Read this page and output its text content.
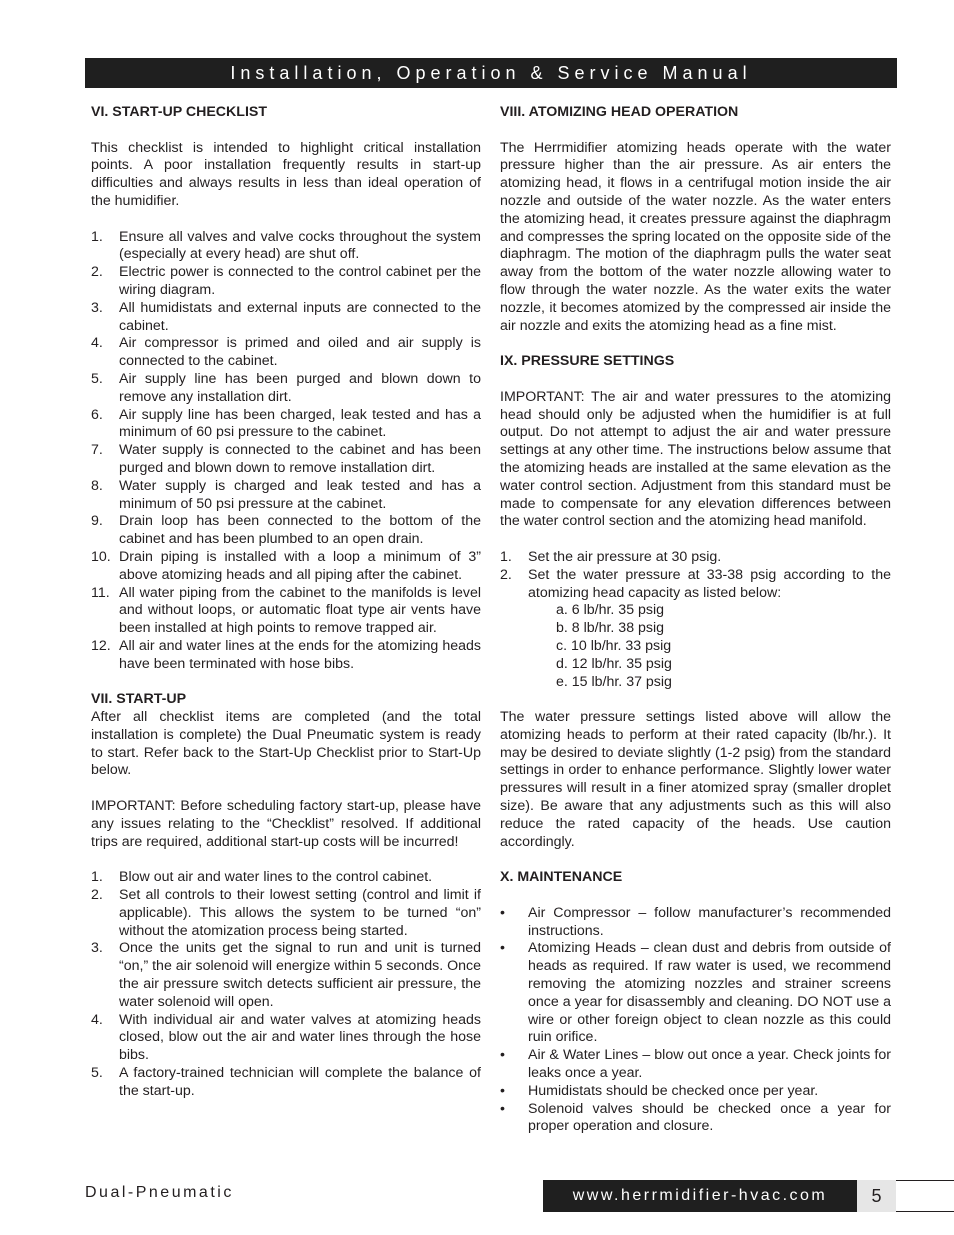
Installation, Operation & Service Manual

VI. START-UP CHECKLIST

This checklist is intended to highlight critical installation points. A poor installation frequently results in start-up difficulties and always results in less than ideal operation of the humidifier.

1.	Ensure all valves and valve cocks throughout the system (especially at every head) are shut off.
2.	Electric power is connected to the control cabinet per the wiring diagram.
3.	All humidistats and external inputs are connected to the cabinet.
4.	Air compressor is primed and oiled and air supply is connected to the cabinet.
5.	Air supply line has been purged and blown down to remove any installation dirt.
6.	Air supply line has been charged, leak tested and has a minimum of 60 psi pressure to the cabinet.
7.	Water supply is connected to the cabinet and has been purged and blown down to remove installation dirt.
8.	Water supply is charged and leak tested and has a minimum of 50 psi pressure at the cabinet.
9.	Drain loop has been connected to the bottom of the cabinet and has been plumbed to an open drain.
10. Drain piping is installed with a loop a minimum of 3” above atomizing heads and all piping after the cabinet.
11. All water piping from the cabinet to the manifolds is level and without loops, or automatic float type air vents have been installed at high points to remove trapped air.
12. All air and water lines at the ends for the atomizing heads have been terminated with hose bibs.

VII. START-UP

After all checklist items are completed (and the total installation is complete) the Dual Pneumatic system is ready to start. Refer back to the Start-Up Checklist prior to Start-Up below.

IMPORTANT: Before scheduling factory start-up, please have any issues relating to the “Checklist” resolved. If additional trips are required, additional start-up costs will be incurred!

1.	Blow out air and water lines to the control cabinet.
2.	Set all controls to their lowest setting (control and limit if applicable). This allows the system to be turned “on” without the atomization process being started.
3.	Once the units get the signal to run and unit is turned “on,” the air solenoid will energize within 5 seconds. Once the air pressure switch detects sufficient air pressure, the water solenoid will open.
4.	With individual air and water valves at atomizing heads closed, blow out the air and water lines through the hose bibs.
5.	A factory-trained technician will complete the balance of the start-up.

VIII. ATOMIZING HEAD OPERATION

The Herrmidifier atomizing heads operate with the water pressure higher than the air pressure. As air enters the atomizing head, it flows in a centrifugal motion inside the air nozzle and outside of the water nozzle. As the water enters the atomizing head, it creates pressure against the diaphragm and compresses the spring located on the opposite side of the diaphragm. The motion of the diaphragm pulls the water seat away from the bottom of the water nozzle allowing water to flow through the water nozzle. As the water exits the water nozzle, it becomes atomized by the compressed air inside the air nozzle and exits the atomizing head as a fine mist.

IX. PRESSURE SETTINGS

IMPORTANT: The air and water pressures to the atomizing head should only be adjusted when the humidifier is at full output. Do not attempt to adjust the air and water pressure settings at any other time. The instructions below assume that the atomizing heads are installed at the same elevation as the water control section. Adjustment from this standard must be made to compensate for any elevation differences between the water control section and the atomizing head manifold.

1.	Set the air pressure at 30 psig.
2.	Set the water pressure at 33-38 psig according to the atomizing head capacity as listed below:
a. 6 lb/hr. 35 psig
b. 8 lb/hr. 38 psig
c. 10 lb/hr. 33 psig
d. 12 lb/hr. 35 psig
e. 15 lb/hr. 37 psig

The water pressure settings listed above will allow the atomizing heads to perform at their rated capacity (lb/hr.). It may be desired to deviate slightly (1-2 psig) from the standard settings in order to enhance performance. Slightly lower water pressures will result in a finer atomized spray (smaller droplet size). Be aware that any adjustments such as this will also reduce the rated capacity of the heads. Use caution accordingly.

X. MAINTENANCE

•	Air Compressor – follow manufacturer’s recommended instructions.
•	Atomizing Heads – clean dust and debris from outside of heads as required. If raw water is used, we recommend removing the atomizing nozzles and strainer screens once a year for disassembly and cleaning. DO NOT use a wire or other foreign object to clean nozzle as this could ruin orifice.
•	Air & Water Lines – blow out once a year. Check joints for leaks once a year.
•	Humidistats should be checked once per year.
•	Solenoid valves should be checked once a year for proper operation and closure.
Dual-Pneumatic	www.herrmidifier-hvac.com	5
